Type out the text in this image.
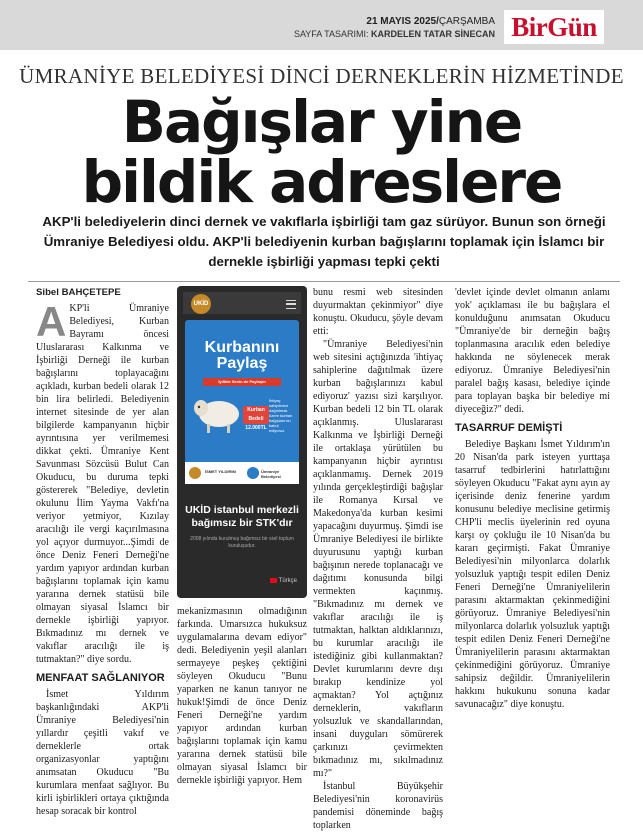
21 MAYIS 2025/ÇARŞAMBA
SAYFA TASARIMI: KARDELEN TATAR SİNECAN BirGün
ÜMRANİYE BELEDİYESİ DİNCİ DERNEKLERİN HİZMETİNDE
Bağışlar yine
bildik adreslere
AKP'li belediyelerin dinci dernek ve vakıflarla işbirliği tam gaz sürüyor. Bunun son örneği Ümraniye Belediyesi oldu. AKP'li belediyenin kurban bağışlarını toplamak için İslamcı bir dernekle işbirliği yapması tepki çekti
Sibel BAHÇETEPE

AKP'li Ümraniye Belediyesi, Kurban Bayramı öncesi Uluslararası Kalkınma ve İşbirliği Derneği ile kurban bağışlarını toplayacağını açıkladı, kurban bedeli olarak 12 bin lira belirledi. Belediyenin internet sitesinde de yer alan bilgilerde kampanyanın hiçbir ayrıntısına yer verilmemesi dikkat çekti. Ümraniye Kent Savunması Sözcüsü Bulut Can Okuducu, bu duruma tepki göstererek "Belediye, devletin okulunu İlim Yayma Vakfı'na veriyor yetmiyor, Kızılay aracılığı ile vergi kaçırılmasına yol açıyor durmuyor...Şimdi de önce Deniz Feneri Derneği'ne yardım yapıyor ardından kurban bağışlarını toplamak için kamu yararına dernek statüsü bile olmayan siyasal İslamcı bir dernekle işbirliği yapıyor. Bıkmadınız mı dernek ve vakıflar aracılığı ile iş tutmaktan?" diye sordu.

MENFAAT SAĞLANIYOR

İsmet Yıldırım başkanlığındaki AKP'li Ümraniye Belediyesi'nin yıllardır çeşitli vakıf ve derneklerle ortak organizasyonlar yaptığını anımsatan Okuducu "Bu kurumlara menfaat sağlıyor. Bu kirli işbirlikleri ortaya çıktığında hesap soracak bir kontrol

UKİD
Kurbanını
Paylaş
İyilikte Sevin de Paylaşın
Kurban Bedeli
12.000TL
İhtiyaç sahiplerine dağıtılmak üzere kurban bağışlarınızı kabul ediyoruz.
İSMET YILDIRIM	Ümraniye Belediyesi
UKİD istanbul merkezli bağımsız bir STK'dır
2008 yılında kurulmuş bağımsız bir sivil toplum kuruluşudur.
Türkçe

mekanizmasının olmadığının farkında. Umarsızca hukuksuz uygulamalarına devam ediyor" dedi. Belediyenin yeşil alanları sermayeye peşkeş çektiğini söyleyen Okuducu "Bunu yaparken ne kanun tanıyor ne hukuk!Şimdi de önce Deniz Feneri Derneği'ne yardım yapıyor ardından kurban bağışlarını toplamak için kamu yararına dernek statüsü bile olmayan siyasal İslamcı bir dernekle işbirliği yapıyor. Hem

bunu resmi web sitesinden duyurmaktan çekinmiyor" diye konuştu. Okuducu, şöyle devam etti:

"Ümraniye Belediyesi'nin web sitesini açtığınızda 'ihtiyaç sahiplerine dağıtılmak üzere kurban bağışlarınızı kabul ediyoruz' yazısı sizi karşılıyor. Kurban bedeli 12 bin TL olarak açıklanmış. Uluslararası Kalkınma ve İşbirliği Derneği ile ortaklaşa yürütülen bu kampanyanın hiçbir ayrıntısı açıklanmamış. Dernek 2019 yılında gerçekleştirdiği bağışlar ile Romanya Kırsal ve Makedonya'da kurban kesimi yapacağını duyurmuş. Şimdi ise Ümraniye Belediyesi ile birlikte duyurusunu yaptığı kurban bağışının nerede toplanacağı ve dağıtımı konusunda bilgi vermekten kaçınmış. "Bıkmadınız mı dernek ve vakıflar aracılığı ile iş tutmaktan, halktan aldıklarınızı, bu kurumlar aracılığı ile istediğiniz gibi kullanmaktan? Devlet kurumlarını devre dışı bırakıp kendinize yol açmaktan? Yol açtığınız derneklerin, vakıfların yolsuzluk ve skandallarından, insani duyguları sömürerek çarkınızı çevirmekten bıkmadınız mı, sıkılmadınız mı?"

İstanbul Büyükşehir Belediyesi'nin koronavirüs pandemisi döneminde bağış toplarken

'devlet içinde devlet olmanın anlamı yok' açıklaması ile bu bağışlara el konulduğunu anımsatan Okuducu "Ümraniye'de bir derneğin bağış toplanmasına aracılık eden belediye hakkında ne söylenecek merak ediyoruz. Ümraniye Belediyesi'nin paralel bağış kasası, belediye içinde para toplayan başka bir belediye mi diyeceğiz?" dedi.

TASARRUF DEMİŞTİ

Belediye Başkanı İsmet Yıldırım'ın 20 Nisan'da park isteyen yurttaşa tasarruf tedbirlerini hatırlattığını söyleyen Okuducu "Fakat aynı ayın ay içerisinde deniz fenerine yardım konusunu belediye meclisine getirmiş CHP'li meclis üyelerinin red oyuna karşı oy çokluğu ile 10 Nisan'da bu kararı geçirmişti. Fakat Ümraniye Belediyesi'nin milyonlarca dolarlık yolsuzluk yaptığı tespit edilen Deniz Feneri Derneği'ne Ümraniyelilerin parasını aktarmaktan çekinmediğini görüyoruz. Ümraniye Belediyesi'nin milyonlarca dolarlık yolsuzluk yaptığı tespit edilen Deniz Feneri Derneği'ne Ümraniyelilerin parasını aktarmaktan çekinmediğini görüyoruz. Ümraniye sahipsiz değildir. Ümraniyelilerin hakkını hukukunu sonuna kadar savunacağız" diye konuştu.
